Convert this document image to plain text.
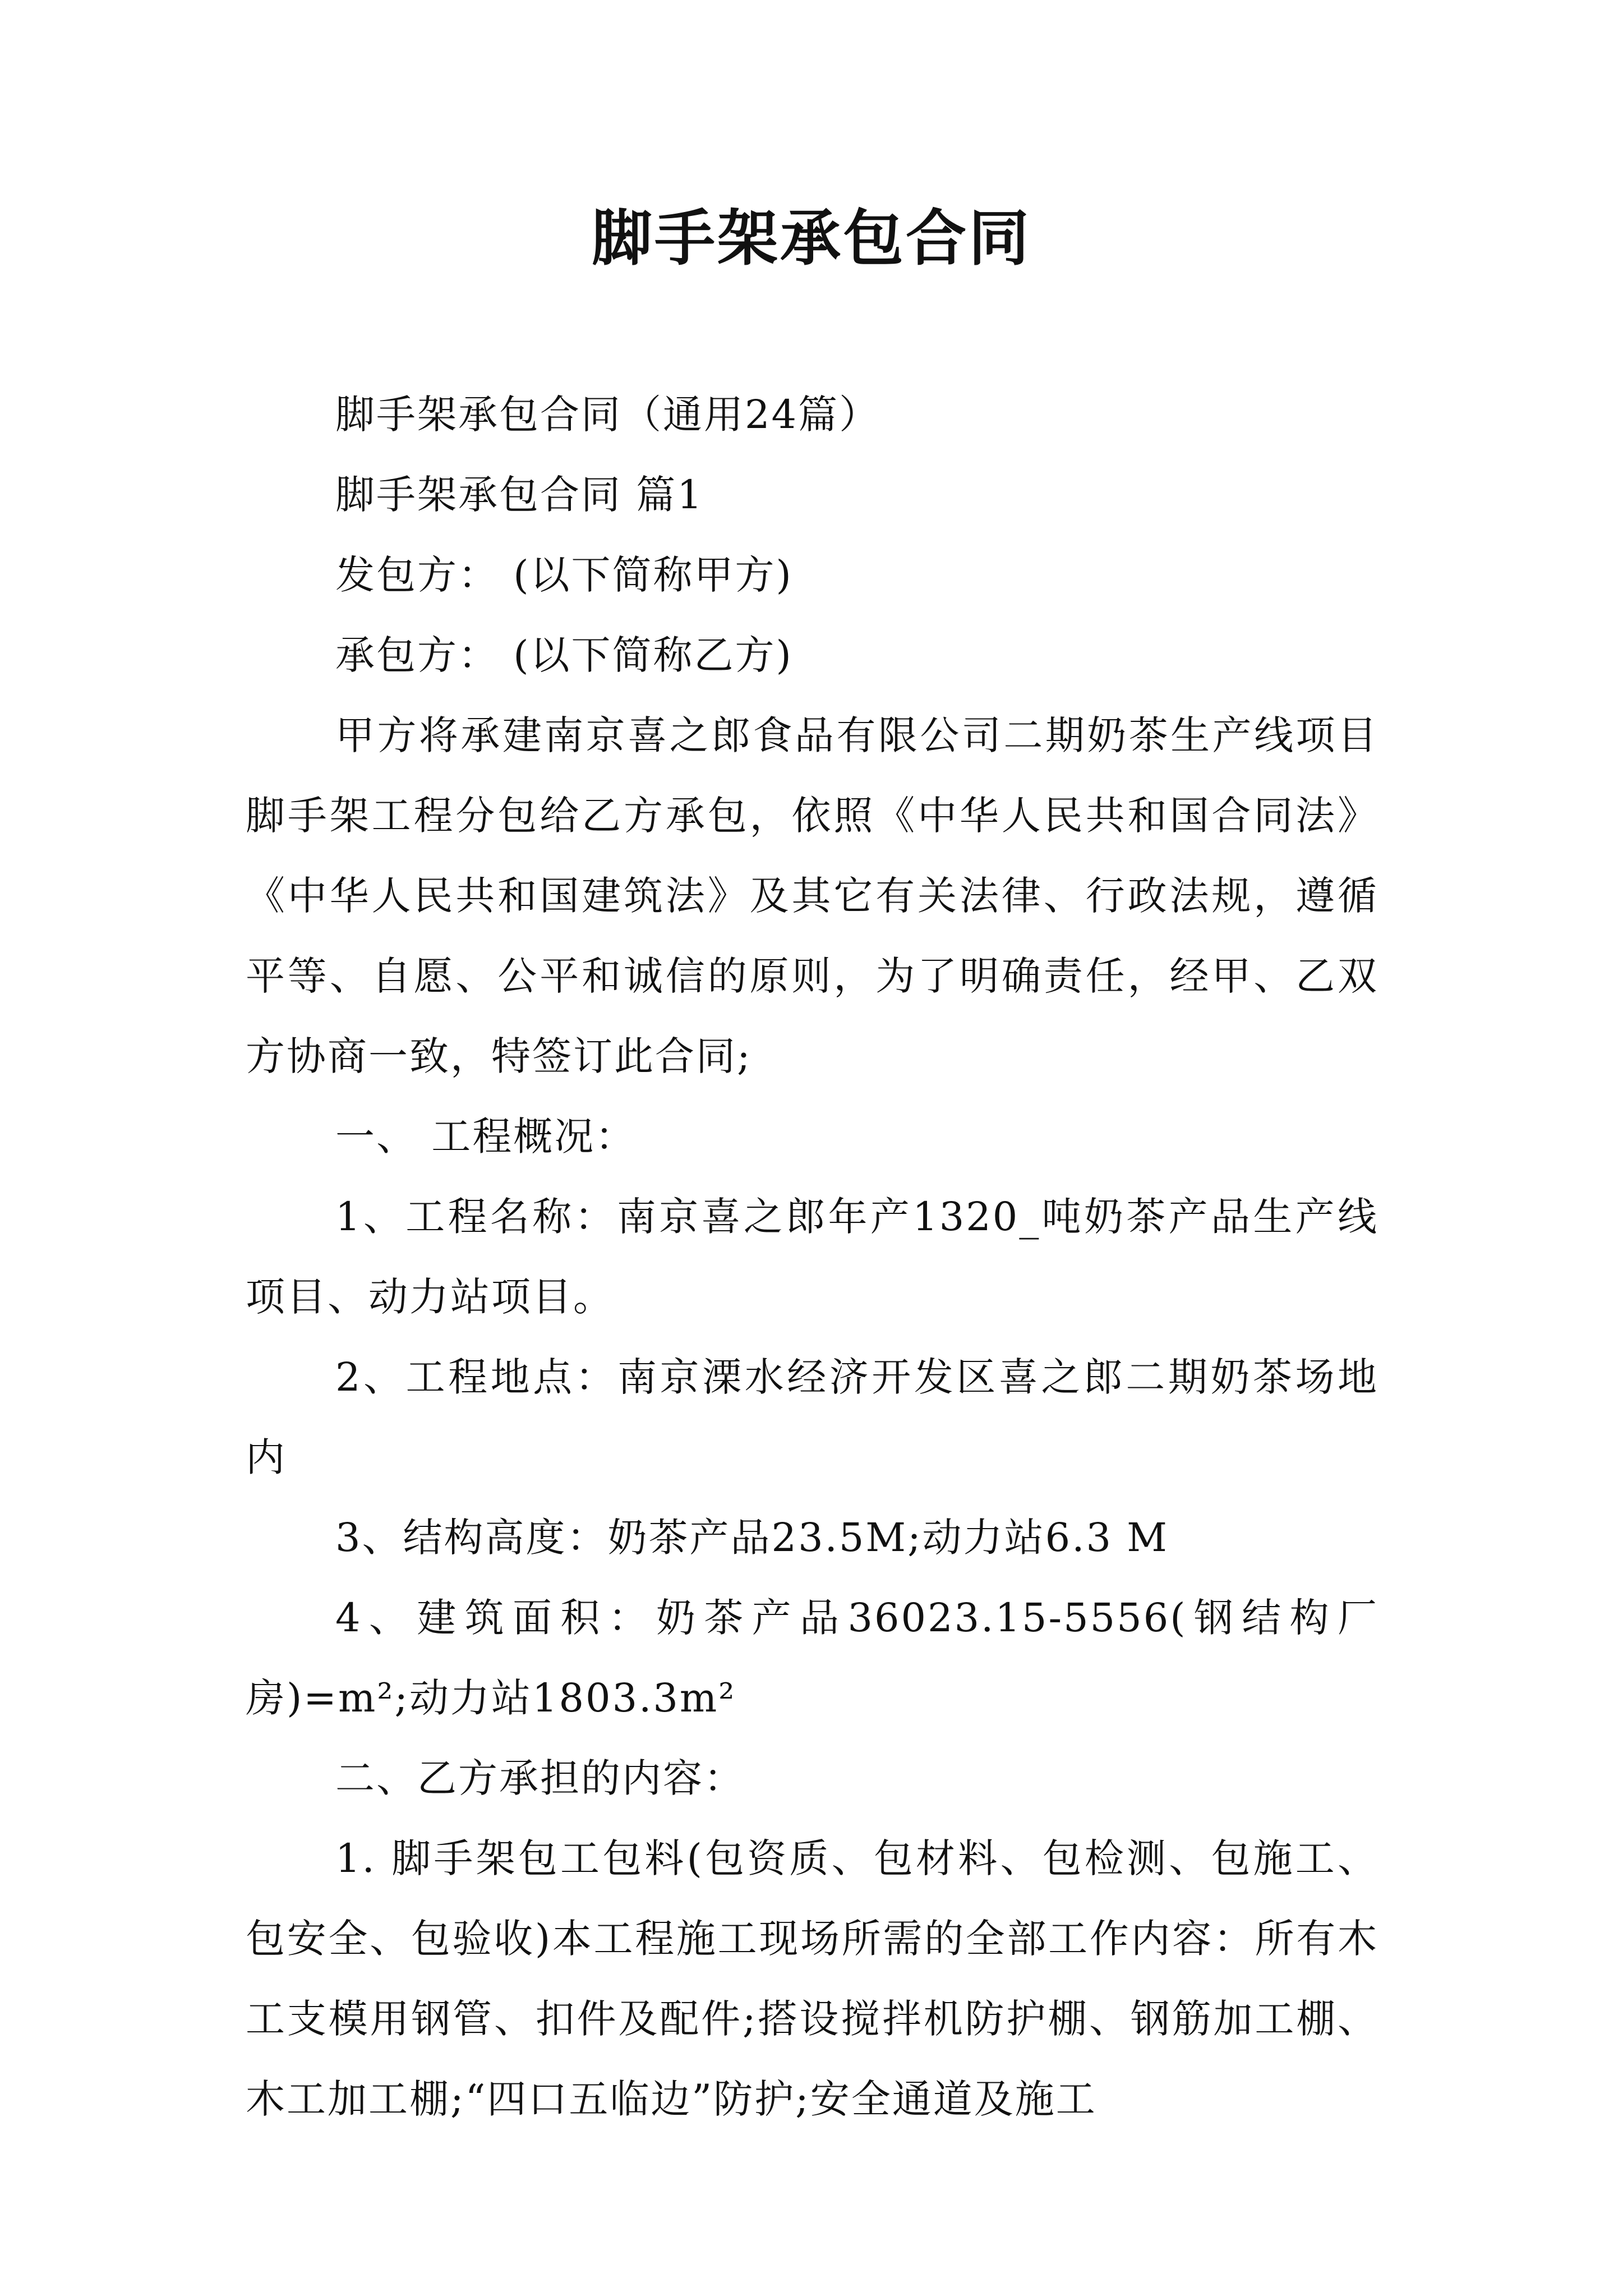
脚手架承包合同

脚手架承包合同（通用24篇）

脚手架承包合同 篇1

发包方： (以下简称甲方)

承包方： (以下简称乙方)

甲方将承建南京喜之郎食品有限公司二期奶茶生产线项目脚手架工程分包给乙方承包，依照《中华人民共和国合同法》《中华人民共和国建筑法》及其它有关法律、行政法规，遵循平等、自愿、公平和诚信的原则，为了明确责任，经甲、乙双方协商一致，特签订此合同;

一、 工程概况：

1、工程名称：南京喜之郎年产1320_吨奶茶产品生产线项目、动力站项目。

2、工程地点：南京溧水经济开发区喜之郎二期奶茶场地内

3、结构高度：奶茶产品23.5M;动力站6.3 M

4、建筑面积：奶茶产品36023.15-5556(钢结构厂房)=m²;动力站1803.3m²

二、乙方承担的内容：

1. 脚手架包工包料(包资质、包材料、包检测、包施工、包安全、包验收)本工程施工现场所需的全部工作内容：所有木工支模用钢管、扣件及配件;搭设搅拌机防护棚、钢筋加工棚、木工加工棚;“四口五临边”防护;安全通道及施工
